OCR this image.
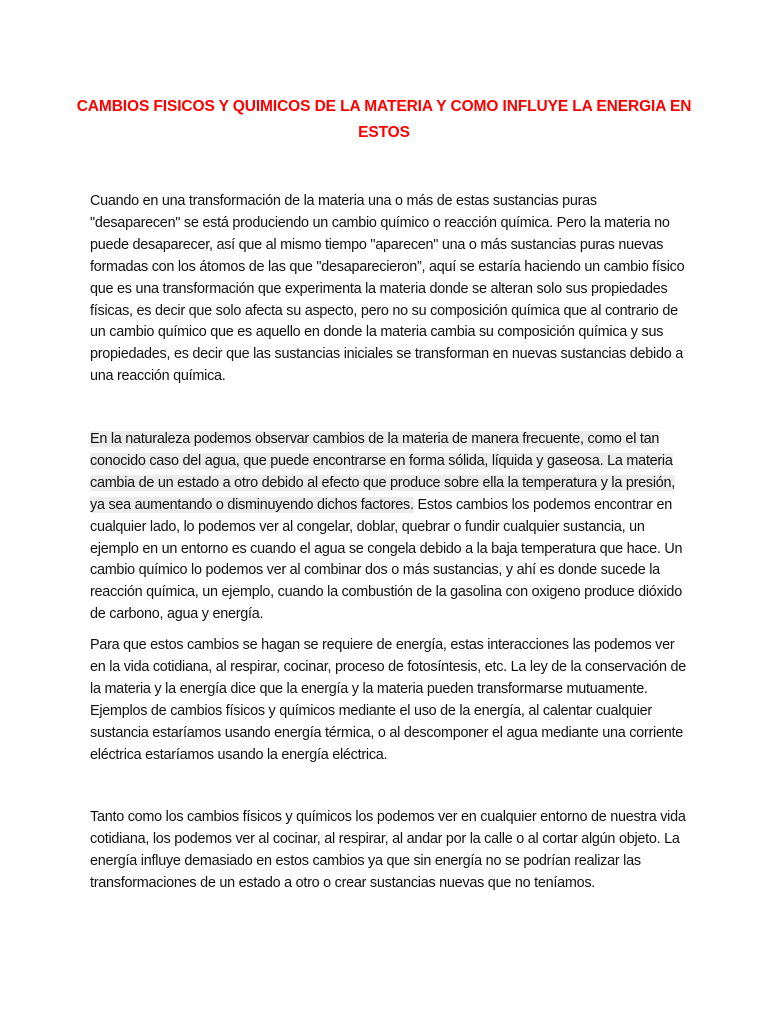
CAMBIOS FISICOS Y QUIMICOS DE LA MATERIA Y COMO INFLUYE LA ENERGIA EN ESTOS

Cuando en una transformación de la materia una o más de estas sustancias puras "desaparecen" se está produciendo un cambio químico o reacción química. Pero la materia no puede desaparecer, así que al mismo tiempo "aparecen" una o más sustancias puras nuevas formadas con los átomos de las que "desaparecieron”, aquí se estaría haciendo un cambio físico que es una transformación que experimenta la materia donde se alteran solo sus propiedades físicas, es decir que solo afecta su aspecto, pero no su composición química que al contrario de un cambio químico que es aquello en donde la materia cambia su composición química y sus propiedades, es decir que las sustancias iniciales se transforman en nuevas sustancias debido a una reacción química.

En la naturaleza podemos observar cambios de la materia de manera frecuente, como el tan conocido caso del agua, que puede encontrarse en forma sólida, líquida y gaseosa. La materia cambia de un estado a otro debido al efecto que produce sobre ella la temperatura y la presión, ya sea aumentando o disminuyendo dichos factores. Estos cambios los podemos encontrar en cualquier lado, lo podemos ver al congelar, doblar, quebrar o fundir cualquier sustancia, un ejemplo en un entorno es cuando el agua se congela debido a la baja temperatura que hace. Un cambio químico lo podemos ver al combinar dos o más sustancias, y ahí es donde sucede la reacción química, un ejemplo, cuando la combustión de la gasolina con oxigeno produce dióxido de carbono, agua y energía.

Para que estos cambios se hagan se requiere de energía, estas interacciones las podemos ver en la vida cotidiana, al respirar, cocinar, proceso de fotosíntesis, etc. La ley de la conservación de la materia y la energía dice que la energía y la materia pueden transformarse mutuamente. Ejemplos de cambios físicos y químicos mediante el uso de la energía, al calentar cualquier sustancia estaríamos usando energía térmica, o al descomponer el agua mediante una corriente eléctrica estaríamos usando la energía eléctrica.

Tanto como los cambios físicos y químicos los podemos ver en cualquier entorno de nuestra vida cotidiana, los podemos ver al cocinar, al respirar, al andar por la calle o al cortar algún objeto. La energía influye demasiado en estos cambios ya que sin energía no se podrían realizar las transformaciones de un estado a otro o crear sustancias nuevas que no teníamos.
